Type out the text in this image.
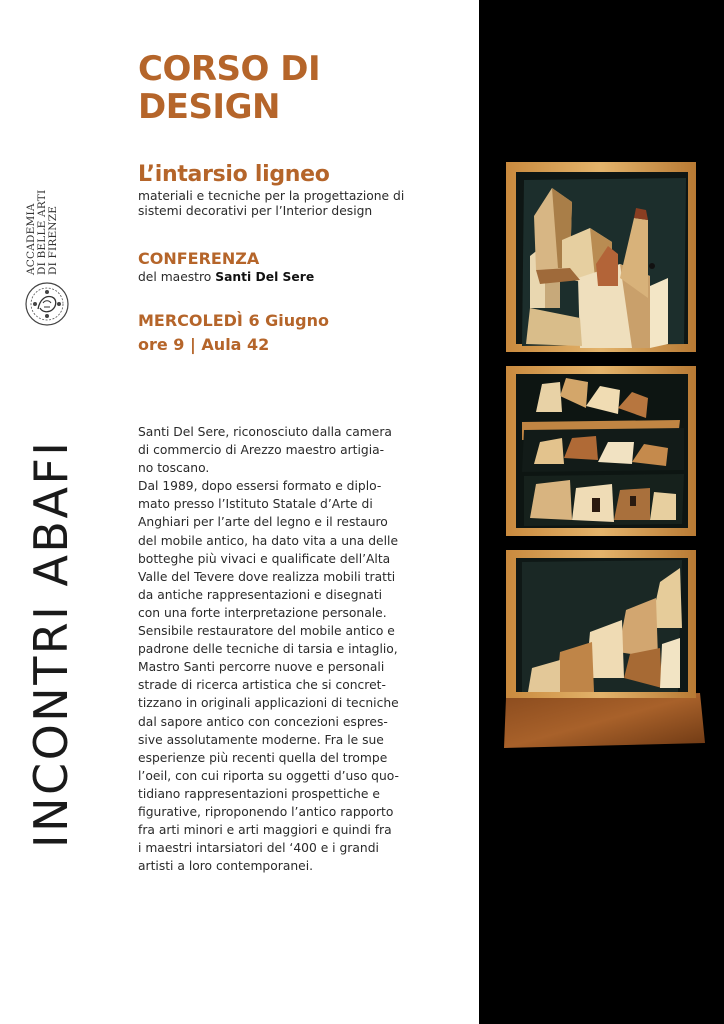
ACCADEMIA DI BELLE ARTI DI FIRENZE
INCONTRI ABAFI
CORSO DI
DESIGN
L’intarsio ligneo
materiali e tecniche per la progettazione di
sistemi decorativi per l’Interior design
CONFERENZA
del maestro Santi Del Sere
MERCOLEDÌ 6 Giugno
ore 9 | Aula 42
Santi Del Sere, riconosciuto dalla camera
di commercio di Arezzo maestro artigia-
no toscano.
Dal 1989, dopo essersi formato e diplo-
mato presso l’Istituto Statale d’Arte di
Anghiari per l’arte del legno e il restauro
del mobile antico, ha dato vita a una delle
botteghe più vivaci e qualificate dell’Alta
Valle del Tevere dove realizza mobili tratti
da antiche rappresentazioni e disegnati
con una forte interpretazione personale.
Sensibile restauratore del mobile antico e
padrone delle tecniche di tarsia e intaglio,
Mastro Santi percorre nuove e personali
strade di ricerca artistica che si concret-
tizzano in originali applicazioni di tecniche
dal sapore antico con concezioni espres-
sive assolutamente moderne. Fra le sue
esperienze più recenti quella del trompe
l’oeil, con cui riporta su oggetti d’uso quo-
tidiano rappresentazioni prospettiche e
figurative, riproponendo l’antico rapporto
fra arti minori e arti maggiori e quindi fra
i maestri intarsiatori del ‘400 e i grandi
artisti a loro contemporanei.
